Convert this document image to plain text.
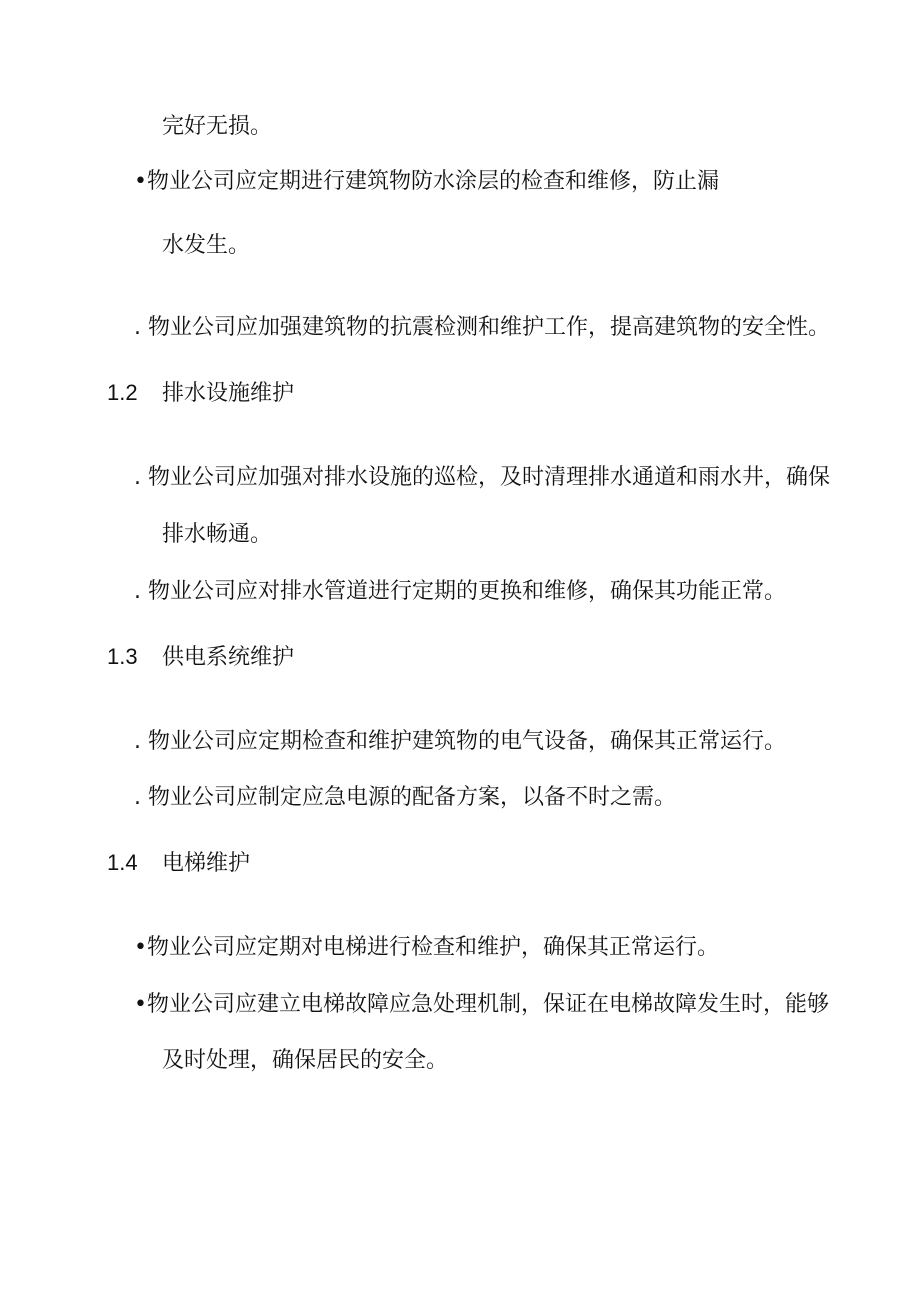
完好无损。
•物业公司应定期进行建筑物防水涂层的检查和维修，防止漏
水发生。
. 物业公司应加强建筑物的抗震检测和维护工作，提高建筑物的安全性。
1.2 排水设施维护
. 物业公司应加强对排水设施的巡检，及时清理排水通道和雨水井，确保
排水畅通。
. 物业公司应对排水管道进行定期的更换和维修，确保其功能正常。
1.3 供电系统维护
. 物业公司应定期检查和维护建筑物的电气设备，确保其正常运行。
. 物业公司应制定应急电源的配备方案，以备不时之需。
1.4 电梯维护
•物业公司应定期对电梯进行检查和维护，确保其正常运行。
•物业公司应建立电梯故障应急处理机制，保证在电梯故障发生时，能够
及时处理，确保居民的安全。
